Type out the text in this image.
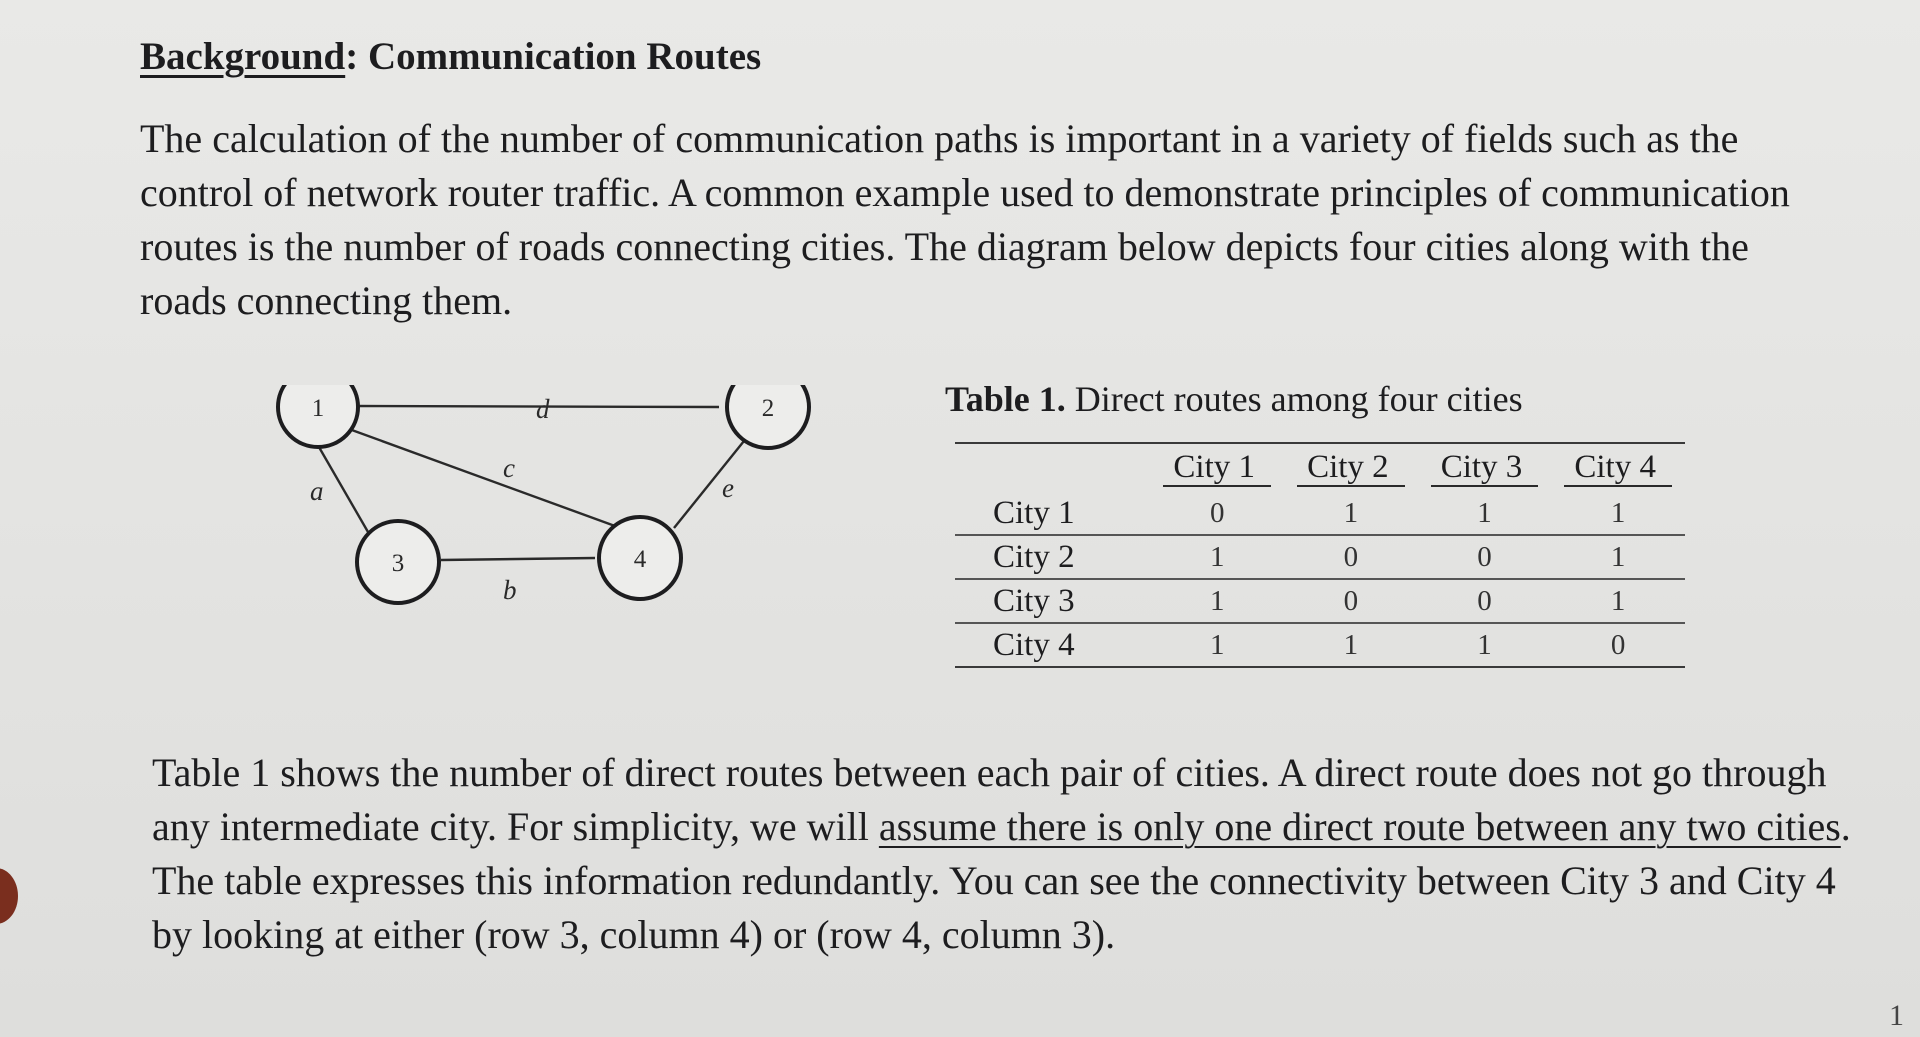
Background: Communication Routes

The calculation of the number of communication paths is important in a variety of fields such as the control of network router traffic. A common example used to demonstrate principles of communication routes is the number of roads connecting cities. The diagram below depicts four cities along with the roads connecting them.

a
b
c
d
e
1	2
3	4

Table 1. Direct routes among four cities

	City 1	City 2	City 3	City 4
City 1	0	1	1	1
City 2	1	0	0	1
City 3	1	0	0	1
City 4	1	1	1	0

Table 1 shows the number of direct routes between each pair of cities. A direct route does not go through any intermediate city. For simplicity, we will assume there is only one direct route between any two cities. The table expresses this information redundantly. You can see the connectivity between City 3 and City 4 by looking at either (row 3, column 4) or (row 4, column 3).

1
